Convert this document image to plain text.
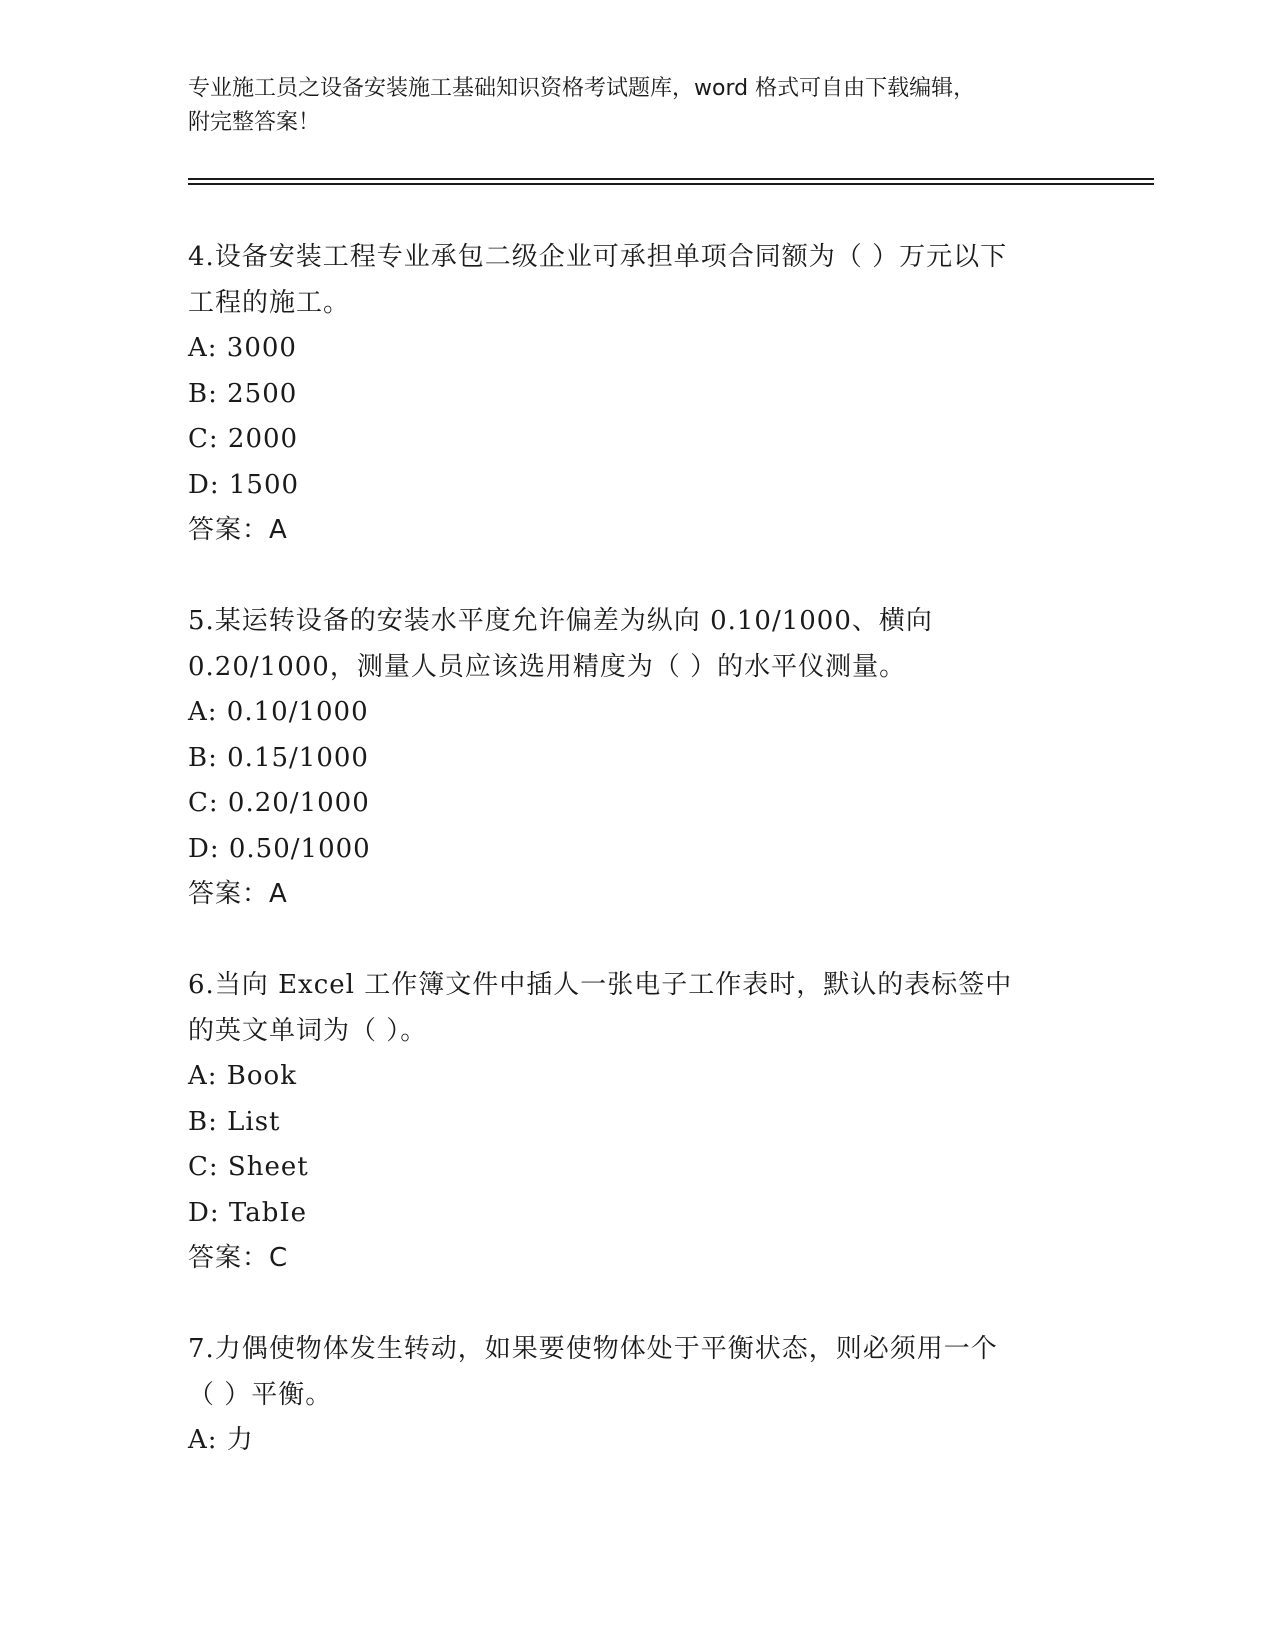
专业施工员之设备安装施工基础知识资格考试题库，word 格式可自由下载编辑，
附完整答案！
4.设备安装工程专业承包二级企业可承担单项合同额为（ ）万元以下
工程的施工。
A: 3000
B: 2500
C: 2000
D: 1500
答案：A
5.某运转设备的安装水平度允许偏差为纵向 0.10/1000、横向
0.20/1000，测量人员应该选用精度为（ ）的水平仪测量。
A: 0.10/1000
B: 0.15/1000
C: 0.20/1000
D: 0.50/1000
答案：A
6.当向 Excel 工作簿文件中插人一张电子工作表时，默认的表标签中
的英文单词为（ ）。
A: Book
B: List
C: Sheet
D: TabIe
答案：C
7.力偶使物体发生转动，如果要使物体处于平衡状态，则必须用一个
（ ）平衡。
A: 力
